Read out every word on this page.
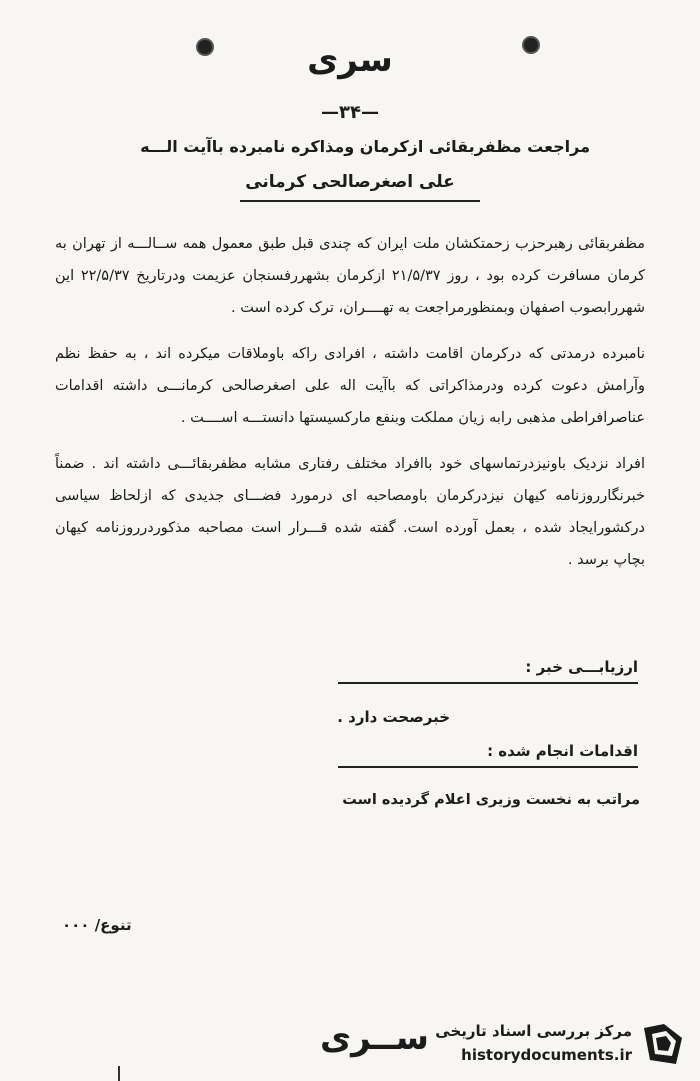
سری
—۳۴—
مراجعت مظفربقائی ازکرمان ومذاکره نامبرده باآیت الـــه
علی اصغرصالحی کرمانی

مظفربقائی رهبرحزب زحمتکشان ملت ایران که چندی قبل طبق معمول همه ســالـــه از تهران به کرمان مسافرت کرده بود ، روز ۲۱/۵/۳۷ ازکرمان بشهررفسنجان عزیمت ودرتاریخ ۲۲/۵/۳۷ این شهررابصوب اصفهان وبمنظورمراجعت به تهــــران، ترک کرده است .

نامبرده درمدتی که درکرمان اقامت داشته ، افرادی راکه باوملاقات میکرده اند ، به حفظ نظم وآرامش دعوت کرده ودرمذاکراتی که باآیت اله علی اصغرصالحی کرمانـــی داشته اقدامات عناصرافراطی مذهبی رابه زیان مملکت وبنفع مارکسیستها دانستـــه اســــت .

افراد نزدیک باونیزدرتماسهای خود باافراد مختلف رفتاری مشابه مظفربقائـــی داشته اند . ضمناً خبرنگارروزنامه کیهان نیزدرکرمان باومصاحبه ای درمورد فضـــای جدیدی که ازلحاظ سیاسی درکشورایجاد شده ، بعمل آورده است. گفته شده قـــرار است مصاحبه مذکوردرروزنامه کیهان بچاپ برسد .

ارزیابـــی خبر :
خبرصحت دارد .
اقدامات انجام شده :
مراتب به نخست وزیری اعلام گردیده است
تنوع/ ۰۰۰
ســری مرکز بررسی اسناد تاریخی
historydocuments.ir
